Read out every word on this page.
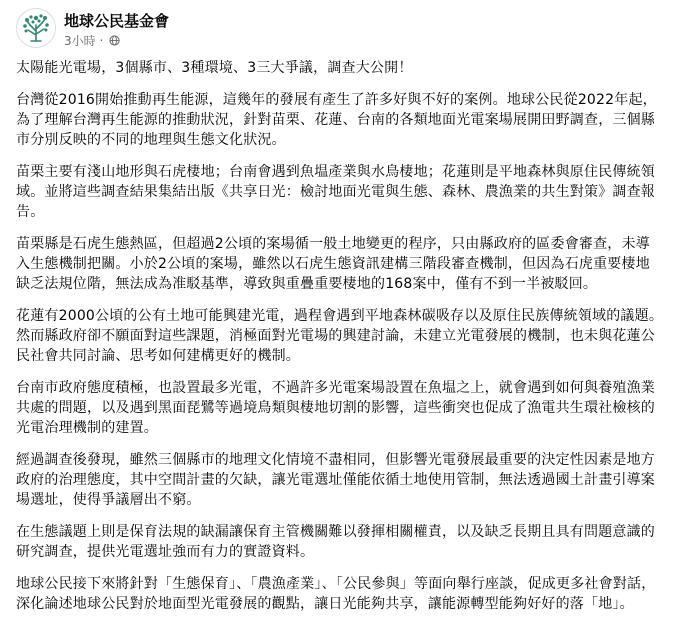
地球公民基金會
3小時 ·

太陽能光電場，3個縣市、3種環境、3三大爭議，調查大公開！

台灣從2016開始推動再生能源，這幾年的發展有產生了許多好與不好的案例。地球公民從2022年起，為了理解台灣再生能源的推動狀況，針對苗栗、花蓮、台南的各類地面光電案場展開田野調查，三個縣市分別反映的不同的地理與生態文化狀況。

苗栗主要有淺山地形與石虎棲地；台南會遇到魚塭產業與水鳥棲地；花蓮則是平地森林與原住民傳統領域。並將這些調查結果集結出版《共享日光：檢討地面光電與生態、森林、農漁業的共生對策》調查報告。

苗栗縣是石虎生態熱區，但超過2公頃的案場循一般土地變更的程序，只由縣政府的區委會審查，未導入生態機制把關。小於2公頃的案場，雖然以石虎生態資訊建構三階段審查機制，但因為石虎重要棲地缺乏法規位階，無法成為准駁基準，導致與重疊重要棲地的168案中，僅有不到一半被駁回。

花蓮有2000公頃的公有土地可能興建光電，過程會遇到平地森林碳吸存以及原住民族傳統領域的議題。然而縣政府卻不願面對這些課題，消極面對光電場的興建討論，未建立光電發展的機制，也未與花蓮公民社會共同討論、思考如何建構更好的機制。

台南市政府態度積極，也設置最多光電，不過許多光電案場設置在魚塭之上，就會遇到如何與養殖漁業共處的問題，以及遇到黑面琵鷺等過境鳥類與棲地切割的影響，這些衝突也促成了漁電共生環社檢核的光電治理機制的建置。

經過調查後發現，雖然三個縣市的地理文化情境不盡相同，但影響光電發展最重要的決定性因素是地方政府的治理態度，其中空間計畫的欠缺，讓光電選址僅能依循土地使用管制，無法透過國土計畫引導案場選址，使得爭議層出不窮。

在生態議題上則是保育法規的缺漏讓保育主管機關難以發揮相關權責，以及缺乏長期且具有問題意識的研究調查，提供光電選址強而有力的實證資料。

地球公民接下來將針對「生態保育」、「農漁產業」、「公民參與」等面向舉行座談，促成更多社會對話，深化論述地球公民對於地面型光電發展的觀點，讓日光能夠共享，讓能源轉型能夠好好的落「地」。
